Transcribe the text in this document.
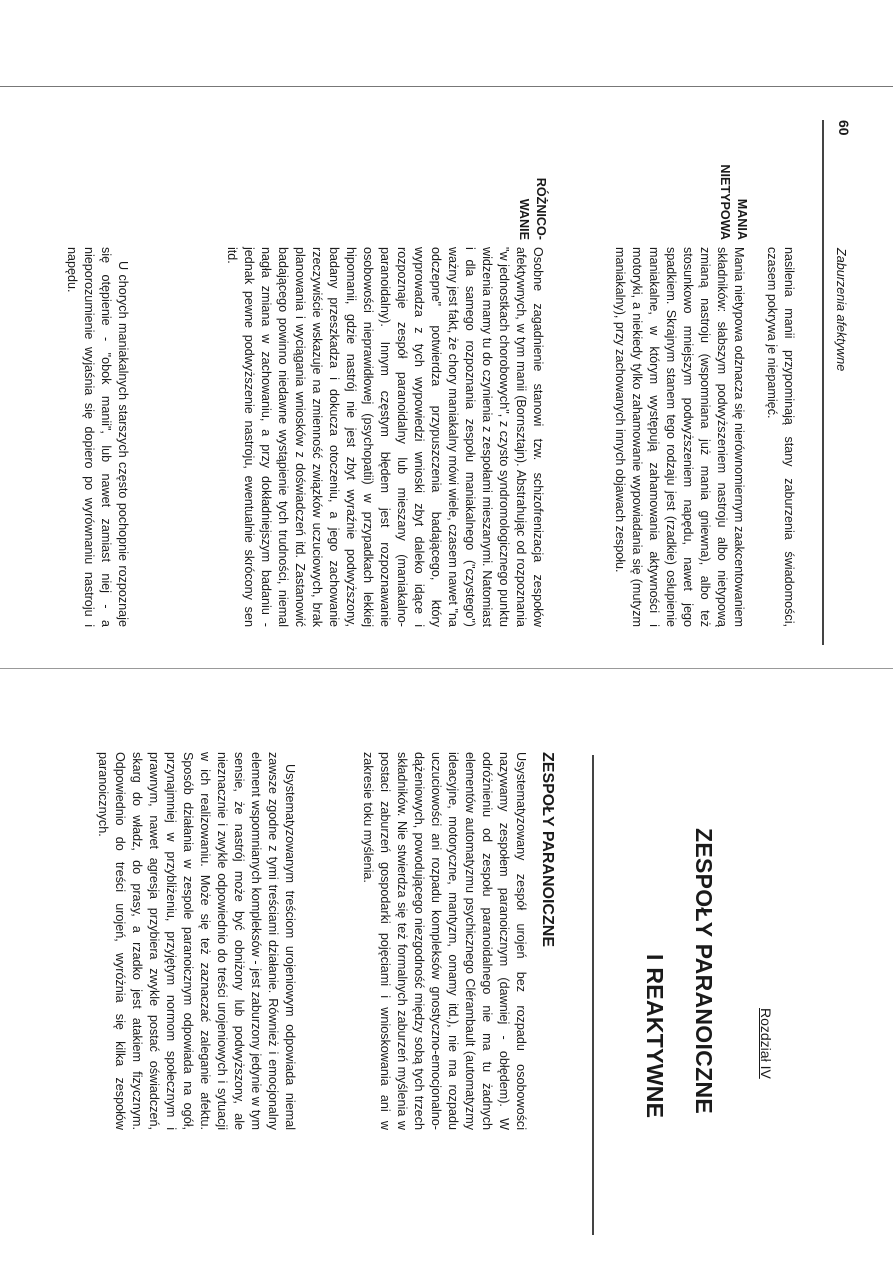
60
Zaburzenia afektywne

nasilenia manii przypominają stany zaburzenia świadomości, czasem pokrywa je niepamięć.

MANIA
NIETYPOWA

Mania nietypowa odznacza się nierównomiernym zaakcentowaniem składników: słabszym podwyższeniem nastroju albo nietypową zmianą nastroju (wspomniana już mania gniewna), albo też stosunkowo mniejszym podwyższeniem napędu, nawet jego spadkiem. Skrajnym stanem tego rodzaju jest (rzadkie) osłupienie maniakalne, w którym występują zahamowania aktywności i motoryki, a niekiedy tylko zahamowanie wypowiadania się (mutyzm maniakalny), przy zachowanych innych objawach zespołu.

RÓŻNICO-
WANIE

Osobne zagadnienie stanowi tzw. schizofrenizacja zespołów afektywnych, w tym manii (Bornsztajn). Abstrahując od rozpoznania "w jednostkach chorobowych", z czysto syndromologicznego punktu widzenia mamy tu do czynienia z zespołami mieszanymi. Natomiast i dla samego rozpoznania zespołu maniakalnego ("czystego") ważny jest fakt, że chory maniakalny mówi wiele, czasem nawet "na odczepne" potwierdza przypuszczenia badającego, który wyprowadza z tych wypowiedzi wnioski zbyt daleko idące i rozpoznaje zespół paranoidalny lub mieszany (maniakalno-paranoidalny). Innym częstym błędem jest rozpoznawanie osobowości nieprawidłowej (psychopatii) w przypadkach lekkiej hipomanii, gdzie nastrój nie jest zbyt wyraźnie podwyższony, badany przeszkadza i dokucza otoczeniu, a jego zachowanie rzeczywiście wskazuje na zmienność związków uczuciowych, brak planowania i wyciągania wniosków z doświadczeń itd. Zastanowić badającego powinno niedawne wystąpienie tych trudności, niemal nagła zmiana w zachowaniu, a przy dokładniejszym badaniu - jednak pewne podwyższenie nastroju, ewentualnie skrócony sen itd.

U chorych maniakalnych starszych często pochopnie rozpoznaje się otępienie - "obok manii", lub nawet zamiast niej - a nieporozumienie wyjaśnia się dopiero po wyrównaniu nastroju i napędu.

Rozdział IV
ZESPOŁY PARANOICZNE
I REAKTYWNE
ZESPOŁY PARANOICZNE

Usystematyzowany zespół urojeń bez rozpadu osobowości nazywamy zespołem paranoicznym (dawniej - obłędem). W odróżnieniu od zespołu paranoidalnego nie ma tu żadnych elementów automatyzmu psychicznego Clérambault (automatyzmy ideacyjne, motoryczne, mantyzm, omamy itd.), nie ma rozpadu uczuciowości ani rozpadu kompleksów gnostyczno-emocjonalno-dążeniowych, powodującego niezgodność między sobą tych trzech składników. Nie stwierdza się też formalnych zaburzeń myślenia w postaci zaburzeń gospodarki pojęciami i wnioskowania ani w zakresie toku myślenia.

Usystematyzowanym treściom urojeniowym odpowiada niemal zawsze zgodne z tymi treściami działanie. Również i emocjonalny element wspomnianych kompleksów - jest zaburzony jedynie w tym sensie, że nastrój może być obniżony lub podwyższony, ale nieznacznie i zwykle odpowiednio do treści urojeniowych i sytuacji w ich realizowaniu. Może się też zaznaczać zaleganie afektu. Sposób działania w zespole paranoicznym odpowiada na ogół, przynajmniej w przybliżeniu, przyjętym normom społecznym i prawnym, nawet agresja przybiera zwykle postać oświadczeń, skarg do władz, do prasy, a rzadko jest atakiem fizycznym. Odpowiednio do treści urojeń, wyróżnia się kilka zespołów paranoicznych.
